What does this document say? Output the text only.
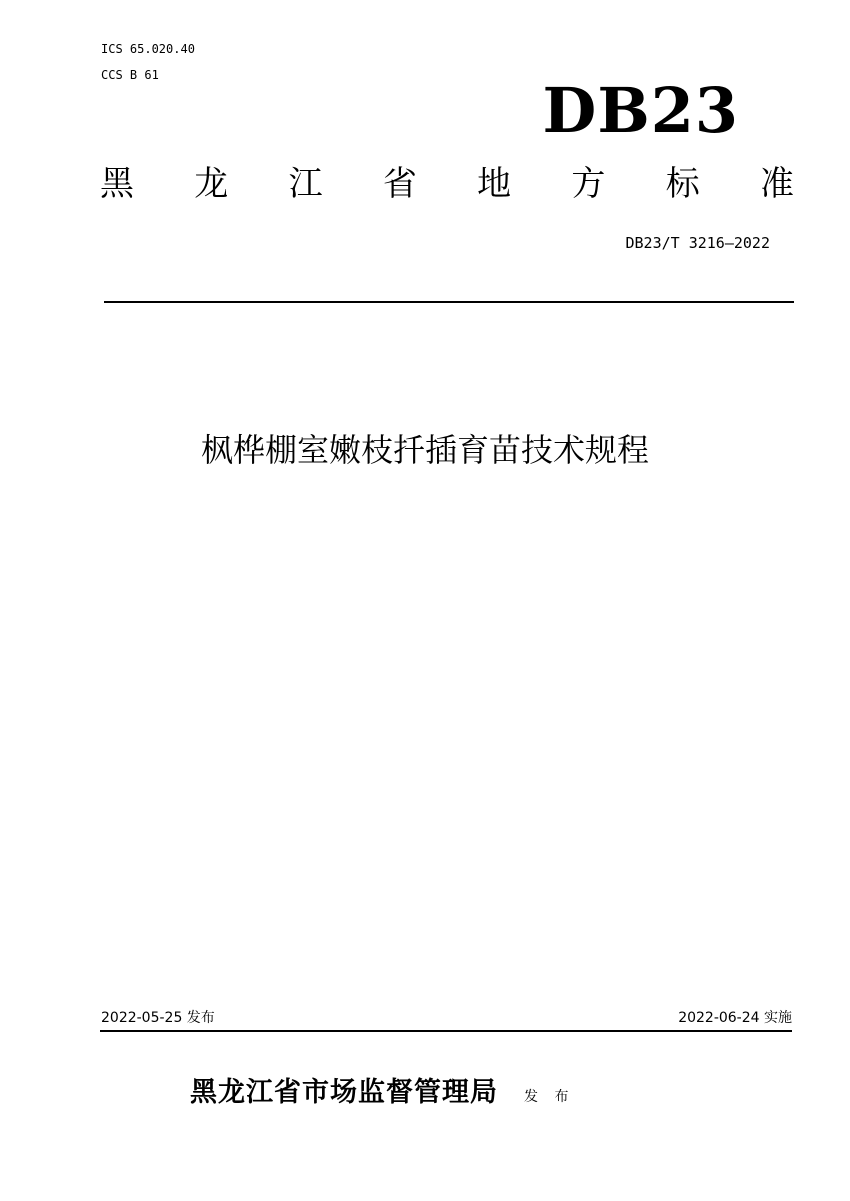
ICS 65.020.40
CCS B 61	DB23
黑 龙 江 省 地 方 标 准
DB23/T 3216—2022
枫桦棚室嫩枝扦插育苗技术规程
2022-05-25 发布	2022-06-24 实施
黑龙江省市场监督管理局 发 布
